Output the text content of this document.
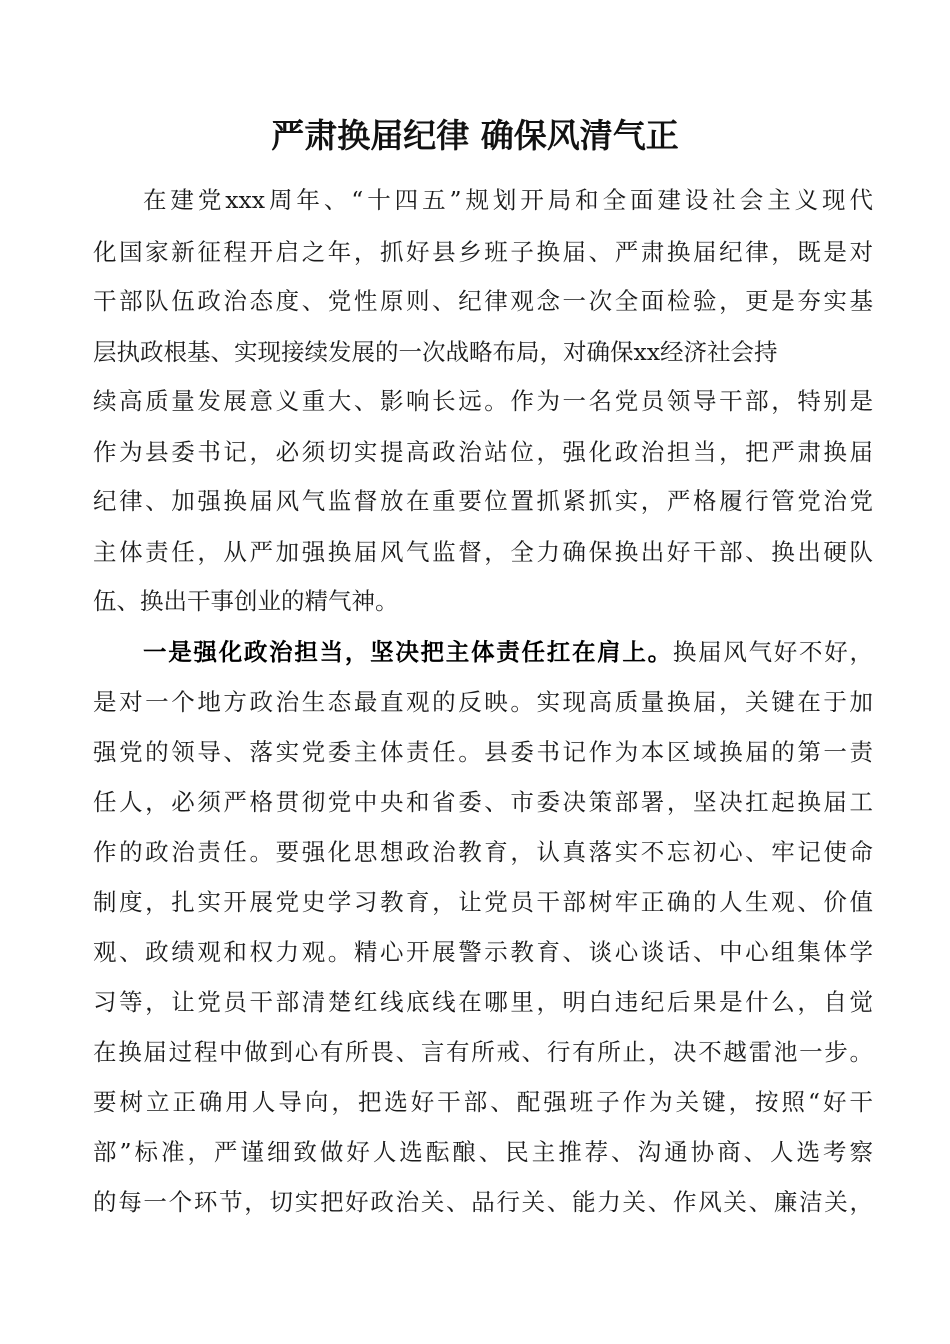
严肃换届纪律 确保风清气正
在建党xxx周年、“十四五”规划开局和全面建设社会主义现代
化国家新征程开启之年，抓好县乡班子换届、严肃换届纪律，既是对
干部队伍政治态度、党性原则、纪律观念一次全面检验，更是夯实基
层执政根基、实现接续发展的一次战略布局，对确保xx经济社会持
续高质量发展意义重大、影响长远。作为一名党员领导干部，特别是
作为县委书记，必须切实提高政治站位，强化政治担当，把严肃换届
纪律、加强换届风气监督放在重要位置抓紧抓实，严格履行管党治党
主体责任，从严加强换届风气监督，全力确保换出好干部、换出硬队
伍、换出干事创业的精气神。
一是强化政治担当，坚决把主体责任扛在肩上。换届风气好不好，
是对一个地方政治生态最直观的反映。实现高质量换届，关键在于加
强党的领导、落实党委主体责任。县委书记作为本区域换届的第一责
任人，必须严格贯彻党中央和省委、市委决策部署，坚决扛起换届工
作的政治责任。要强化思想政治教育，认真落实不忘初心、牢记使命
制度，扎实开展党史学习教育，让党员干部树牢正确的人生观、价值
观、政绩观和权力观。精心开展警示教育、谈心谈话、中心组集体学
习等，让党员干部清楚红线底线在哪里，明白违纪后果是什么，自觉
在换届过程中做到心有所畏、言有所戒、行有所止，决不越雷池一步。
要树立正确用人导向，把选好干部、配强班子作为关键，按照“好干
部”标准，严谨细致做好人选酝酿、民主推荐、沟通协商、人选考察
的每一个环节，切实把好政治关、品行关、能力关、作风关、廉洁关，
